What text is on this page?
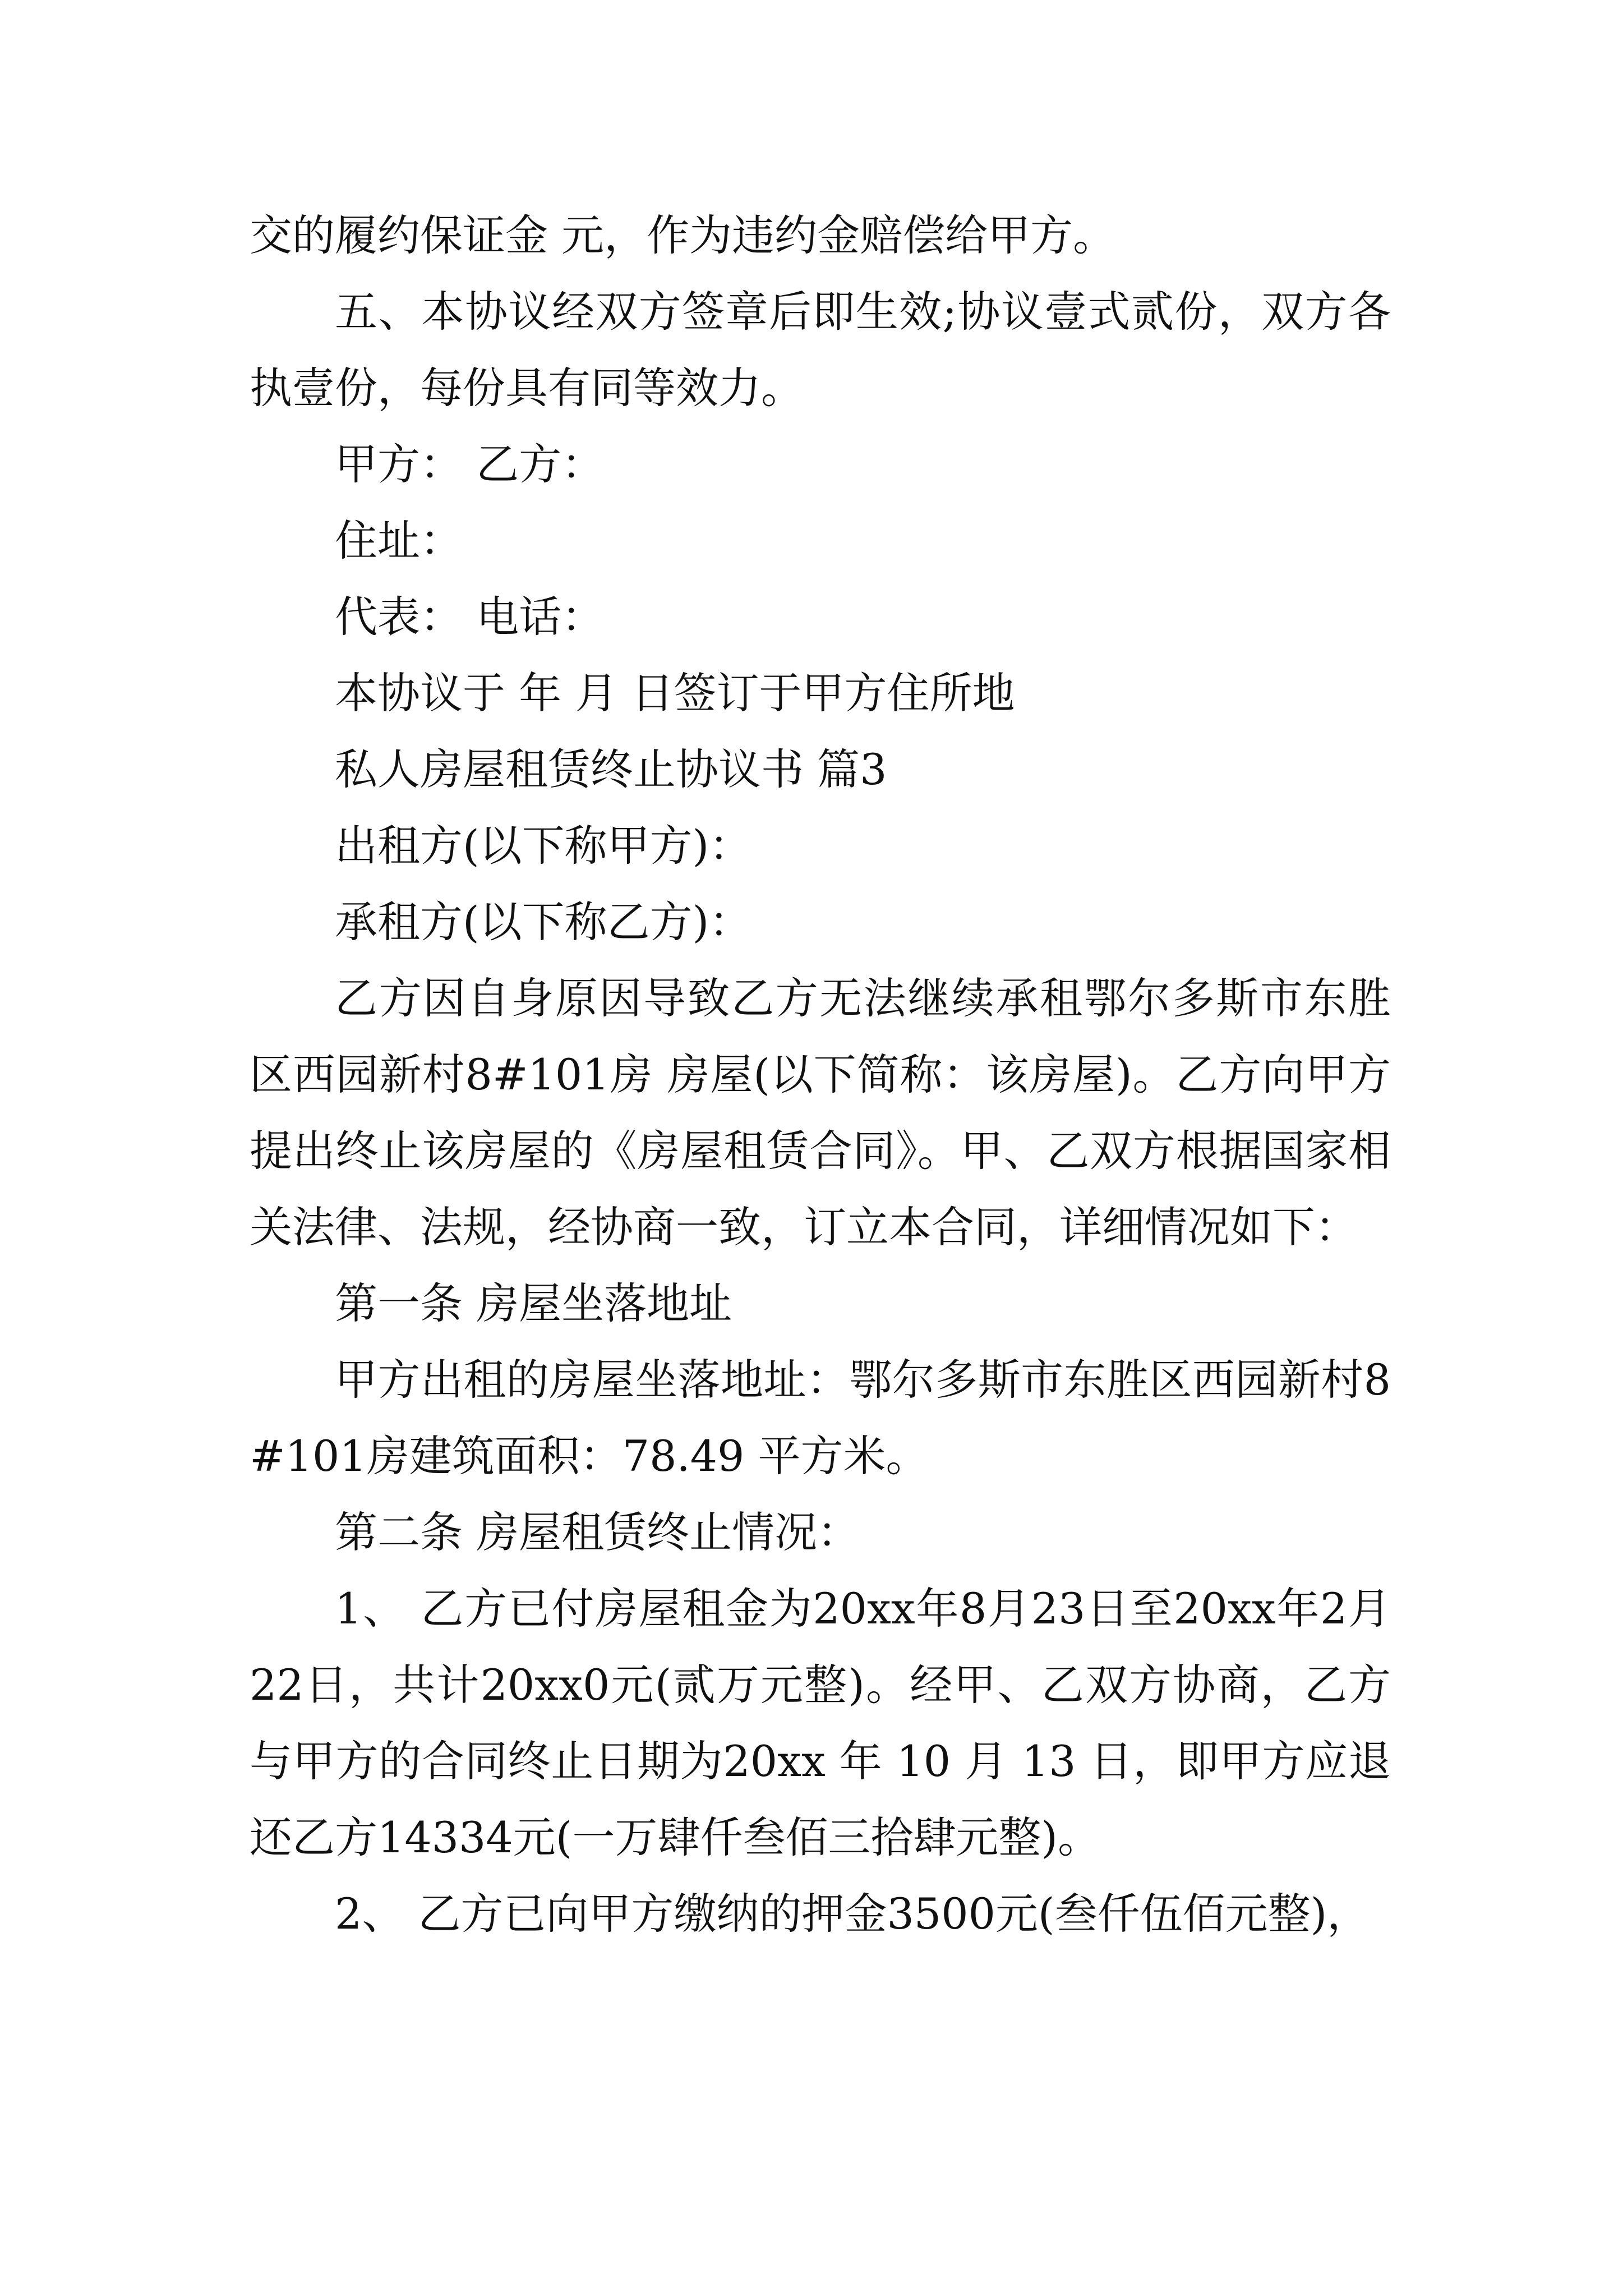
交的履约保证金 元，作为违约金赔偿给甲方。

五、本协议经双方签章后即生效;协议壹式贰份，双方各执壹份，每份具有同等效力。

甲方： 乙方：

住址：

代表： 电话：

本协议于 年 月 日签订于甲方住所地

私人房屋租赁终止协议书 篇3

出租方(以下称甲方)：

承租方(以下称乙方)：

乙方因自身原因导致乙方无法继续承租鄂尔多斯市东胜区西园新村8#101房 房屋(以下简称：该房屋)。乙方向甲方提出终止该房屋的《房屋租赁合同》。甲、乙双方根据国家相关法律、法规，经协商一致，订立本合同，详细情况如下：

第一条 房屋坐落地址

甲方出租的房屋坐落地址：鄂尔多斯市东胜区西园新村8#101房建筑面积：78.49 平方米。

第二条 房屋租赁终止情况：

1、 乙方已付房屋租金为20xx年8月23日至20xx年2月22日，共计20xx0元(贰万元整)。经甲、乙双方协商，乙方与甲方的合同终止日期为20xx 年 10 月 13 日，即甲方应退还乙方14334元(一万肆仟叁佰三拾肆元整)。

2、 乙方已向甲方缴纳的押金3500元(叁仟伍佰元整)，
